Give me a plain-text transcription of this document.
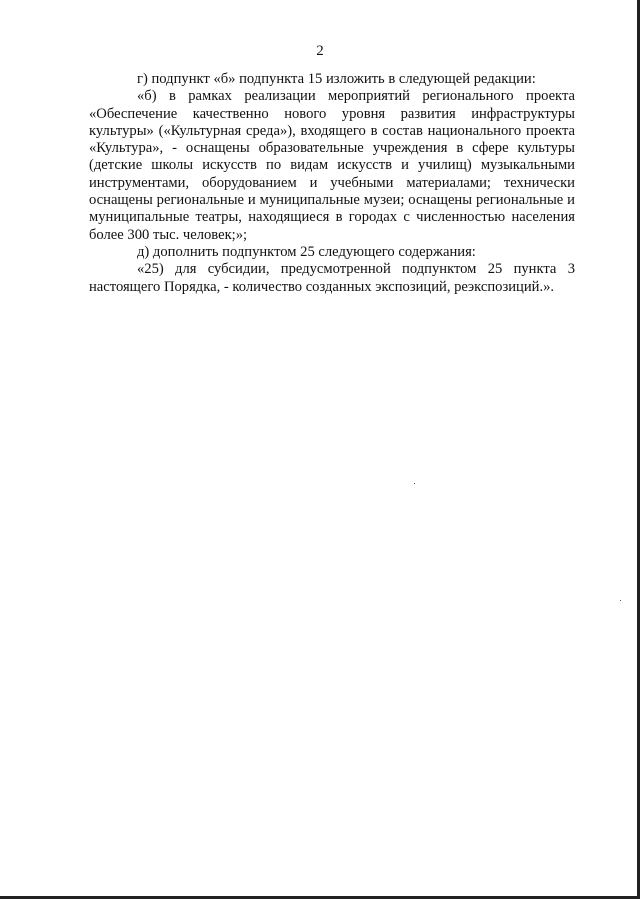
2

г) подпункт «б» подпункта 15 изложить в следующей редакции:

«б) в рамках реализации мероприятий регионального проекта «Обеспечение качественно нового уровня развития инфраструктуры культуры» («Культурная среда»), входящего в состав национального проекта «Культура», - оснащены образовательные учреждения в сфере культуры (детские школы искусств по видам искусств и училищ) музыкальными инструментами, оборудованием и учебными материалами; технически оснащены региональные и муниципальные музеи; оснащены региональные и муниципальные театры, находящиеся в городах с численностью населения более 300 тыс. человек;»;

д) дополнить подпунктом 25 следующего содержания:

«25) для субсидии, предусмотренной подпунктом 25 пункта 3 настоящего Порядка, - количество созданных экспозиций, реэкспозиций.».
